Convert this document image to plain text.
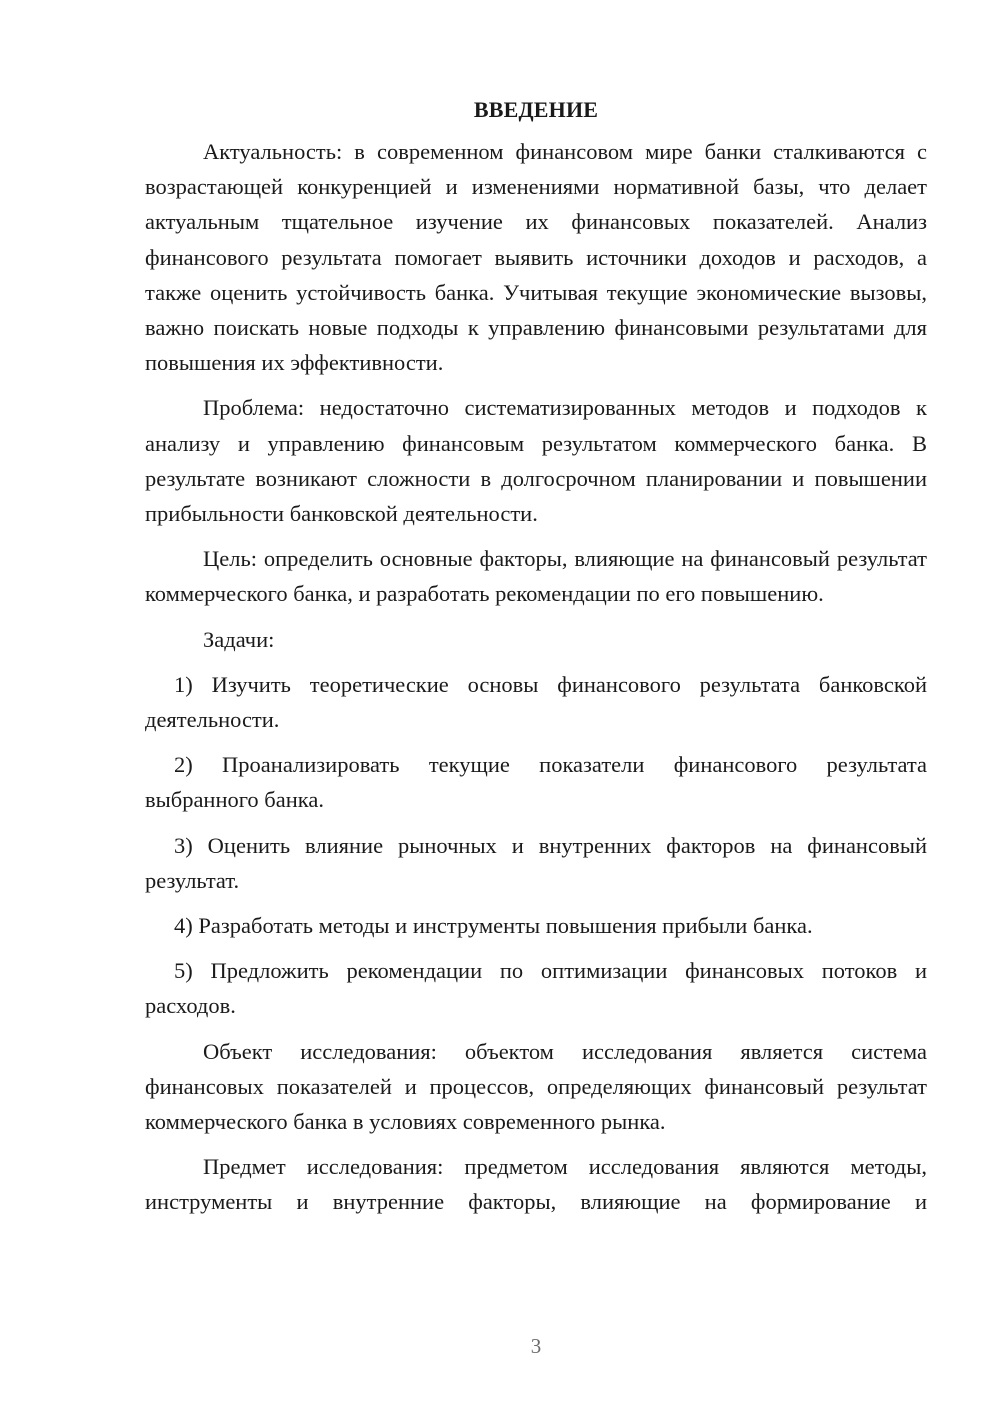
ВВЕДЕНИЕ

Актуальность: в современном финансовом мире банки сталкиваются с возрастающей конкуренцией и изменениями нормативной базы, что делает актуальным тщательное изучение их финансовых показателей. Анализ финансового результата помогает выявить источники доходов и расходов, а также оценить устойчивость банка. Учитывая текущие экономические вызовы, важно поискать новые подходы к управлению финансовыми результатами для повышения их эффективности.

Проблема: недостаточно систематизированных методов и подходов к анализу и управлению финансовым результатом коммерческого банка. В результате возникают сложности в долгосрочном планировании и повышении прибыльности банковской деятельности.

Цель: определить основные факторы, влияющие на финансовый результат коммерческого банка, и разработать рекомендации по его повышению.

Задачи:

1) Изучить теоретические основы финансового результата банковской деятельности.

2) Проанализировать текущие показатели финансового результата выбранного банка.

3) Оценить влияние рыночных и внутренних факторов на финансовый результат.

4) Разработать методы и инструменты повышения прибыли банка.

5) Предложить рекомендации по оптимизации финансовых потоков и расходов.

Объект исследования: объектом исследования является система финансовых показателей и процессов, определяющих финансовый результат коммерческого банка в условиях современного рынка.

Предмет исследования: предметом исследования являются методы, инструменты и внутренние факторы, влияющие на формирование и

3
